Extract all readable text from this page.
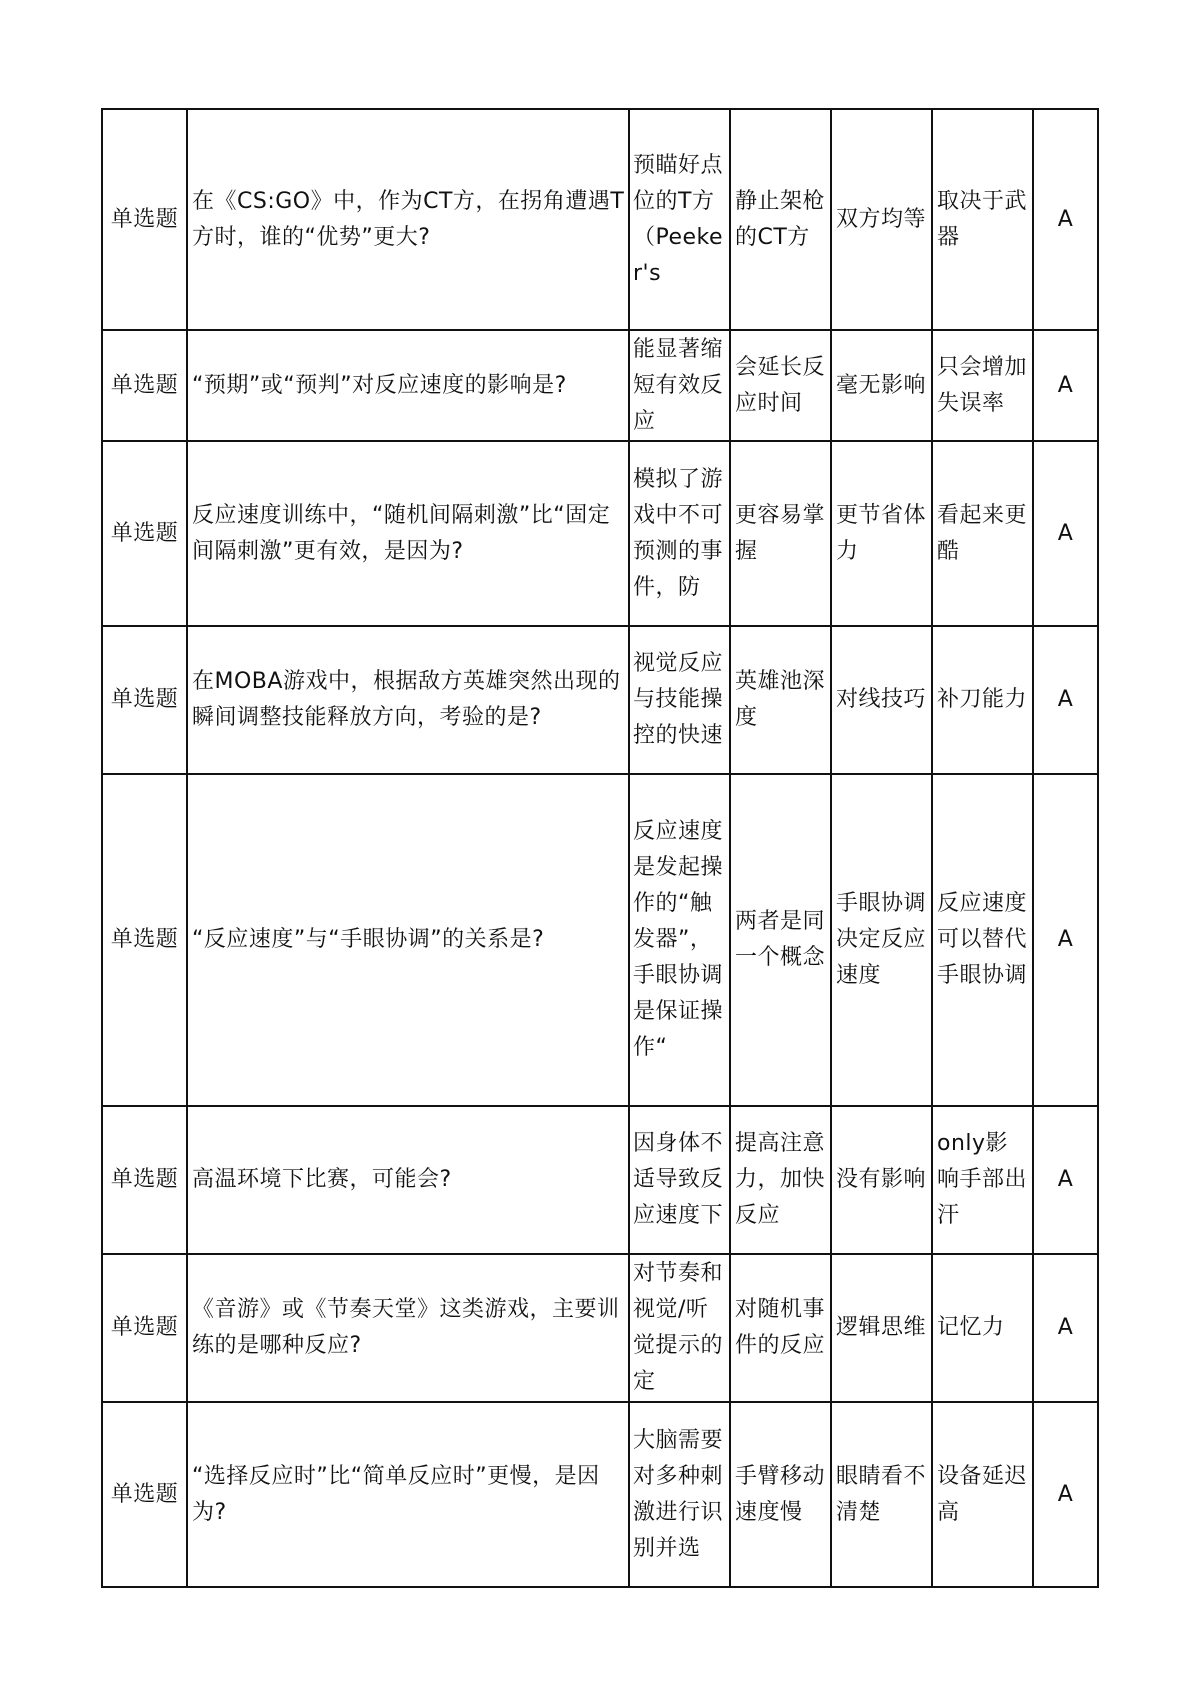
单选题	在《CS:GO》中，作为CT方，在拐角遭遇T方时，谁的“优势”更大?	预瞄好点位的T方（Peeker's	静止架枪的CT方	双方均等	取决于武器	A
单选题	“预期”或“预判”对反应速度的影响是?	能显著缩短有效反应	会延长反应时间	毫无影响	只会增加失误率	A
单选题	反应速度训练中，“随机间隔刺激”比“固定间隔刺激”更有效，是因为?	模拟了游戏中不可预测的事件，防	更容易掌握	更节省体力	看起来更酷	A
单选题	在MOBA游戏中，根据敌方英雄突然出现的瞬间调整技能释放方向，考验的是?	视觉反应与技能操控的快速	英雄池深度	对线技巧	补刀能力	A
单选题	“反应速度”与“手眼协调”的关系是?	反应速度是发起操作的“触发器”，手眼协调是保证操作“	两者是同一个概念	手眼协调决定反应速度	反应速度可以替代手眼协调	A
单选题	高温环境下比赛，可能会?	因身体不适导致反应速度下	提高注意力，加快反应	没有影响	only影响手部出汗	A
单选题	《音游》或《节奏天堂》这类游戏，主要训练的是哪种反应?	对节奏和视觉/听觉提示的定	对随机事件的反应	逻辑思维	记忆力	A
单选题	“选择反应时”比“简单反应时”更慢，是因为?	大脑需要对多种刺激进行识别并选	手臂移动速度慢	眼睛看不清楚	设备延迟高	A
